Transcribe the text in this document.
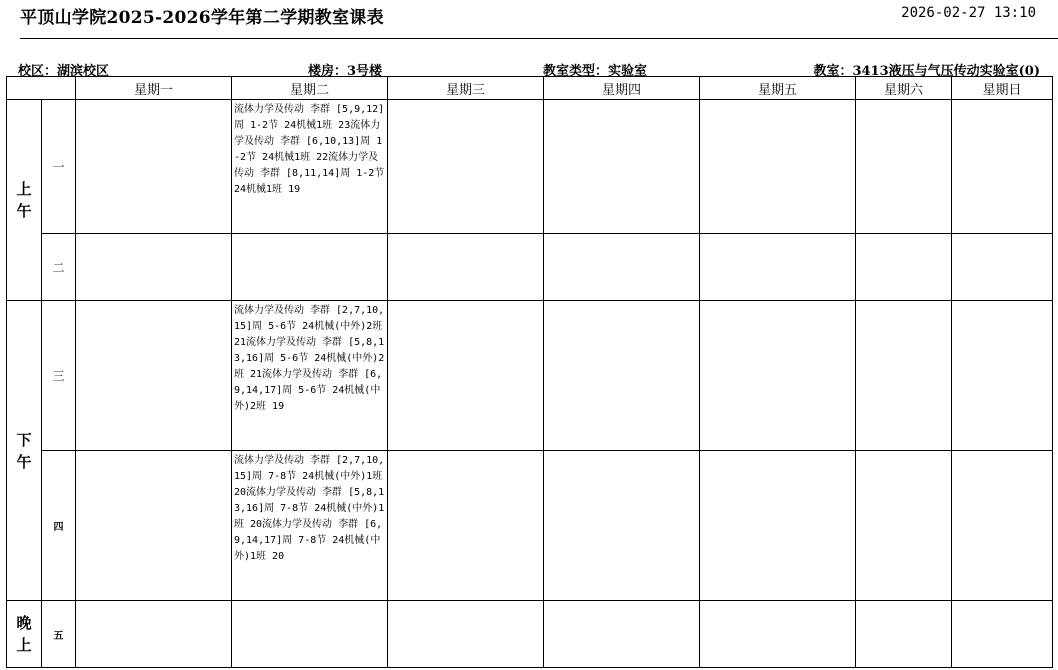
平顶山学院2025-2026学年第二学期教室课表	2026-02-27 13:10
校区：湖滨校区	楼房：3号楼	教室类型：实验室	教室：3413液压与气压传动实验室(0)
		星期一	星期二	星期三	星期四	星期五	星期六	星期日

上
午	一		流体力学及传动 李群 [5,9,12]周 1-2节 24机械1班 23流体力学及传动 李群 [6,10,13]周 1-2节 24机械1班 22流体力学及传动 李群 [8,11,14]周 1-2节 24机械1班 19					

	二							

下
午	三		流体力学及传动 李群 [2,7,10,15]周 5-6节 24机械(中外)2班 21流体力学及传动 李群 [5,8,13,16]周 5-6节 24机械(中外)2班 21流体力学及传动 李群 [6,9,14,17]周 5-6节 24机械(中外)2班 19					

	四		流体力学及传动 李群 [2,7,10,15]周 7-8节 24机械(中外)1班 20流体力学及传动 李群 [5,8,13,16]周 7-8节 24机械(中外)1班 20流体力学及传动 李群 [6,9,14,17]周 7-8节 24机械(中外)1班 20					

晚
上	五							
